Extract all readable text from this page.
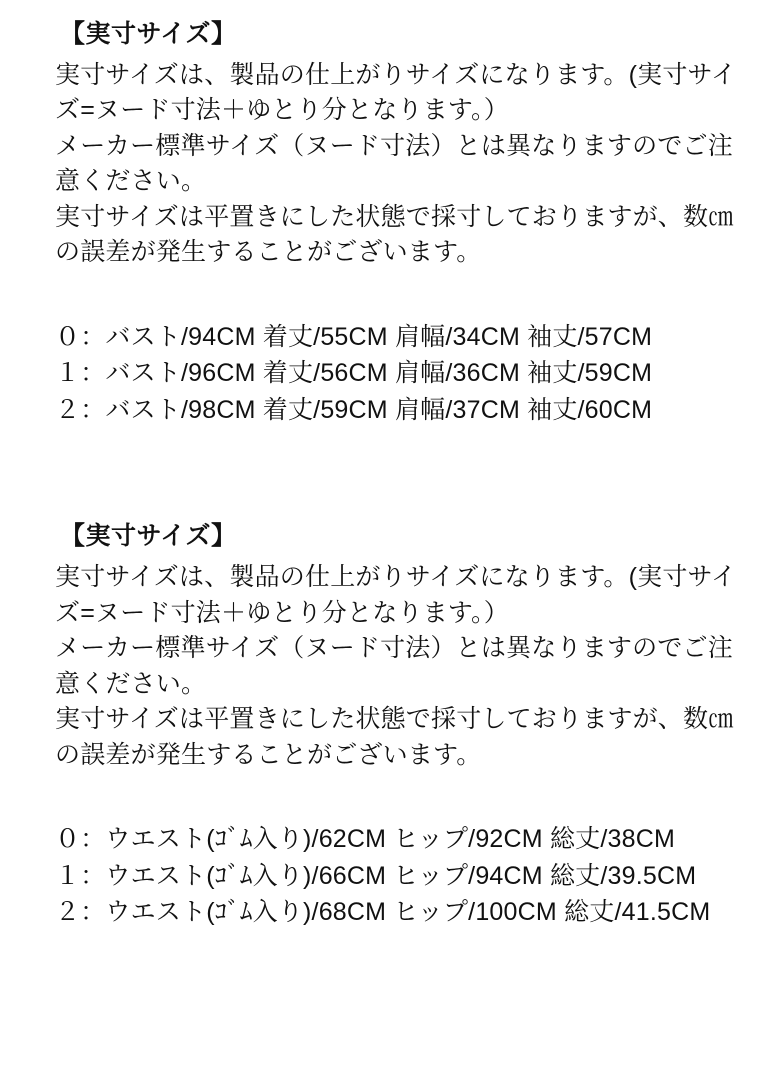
【実寸サイズ】

実寸サイズは、製品の仕上がりサイズになります。(実寸サイズ=ヌード寸法＋ゆとり分となります。）

メーカー標準サイズ（ヌード寸法）とは異なりますのでご注意ください。

実寸サイズは平置きにした状態で採寸しておりますが、数㎝の誤差が発生することがございます。

０：バスト/94CM 着丈/55CM 肩幅/34CM 袖丈/57CM
１：バスト/96CM 着丈/56CM 肩幅/36CM 袖丈/59CM
２：バスト/98CM 着丈/59CM 肩幅/37CM 袖丈/60CM
【実寸サイズ】

実寸サイズは、製品の仕上がりサイズになります。(実寸サイズ=ヌード寸法＋ゆとり分となります。）

メーカー標準サイズ（ヌード寸法）とは異なりますのでご注意ください。

実寸サイズは平置きにした状態で採寸しておりますが、数㎝の誤差が発生することがございます。

０：ウエスト(ｺﾞﾑ入り)/62CM ヒップ/92CM 総丈/38CM
１：ウエスト(ｺﾞﾑ入り)/66CM ヒップ/94CM 総丈/39.5CM
２：ウエスト(ｺﾞﾑ入り)/68CM ヒップ/100CM 総丈/41.5CM
